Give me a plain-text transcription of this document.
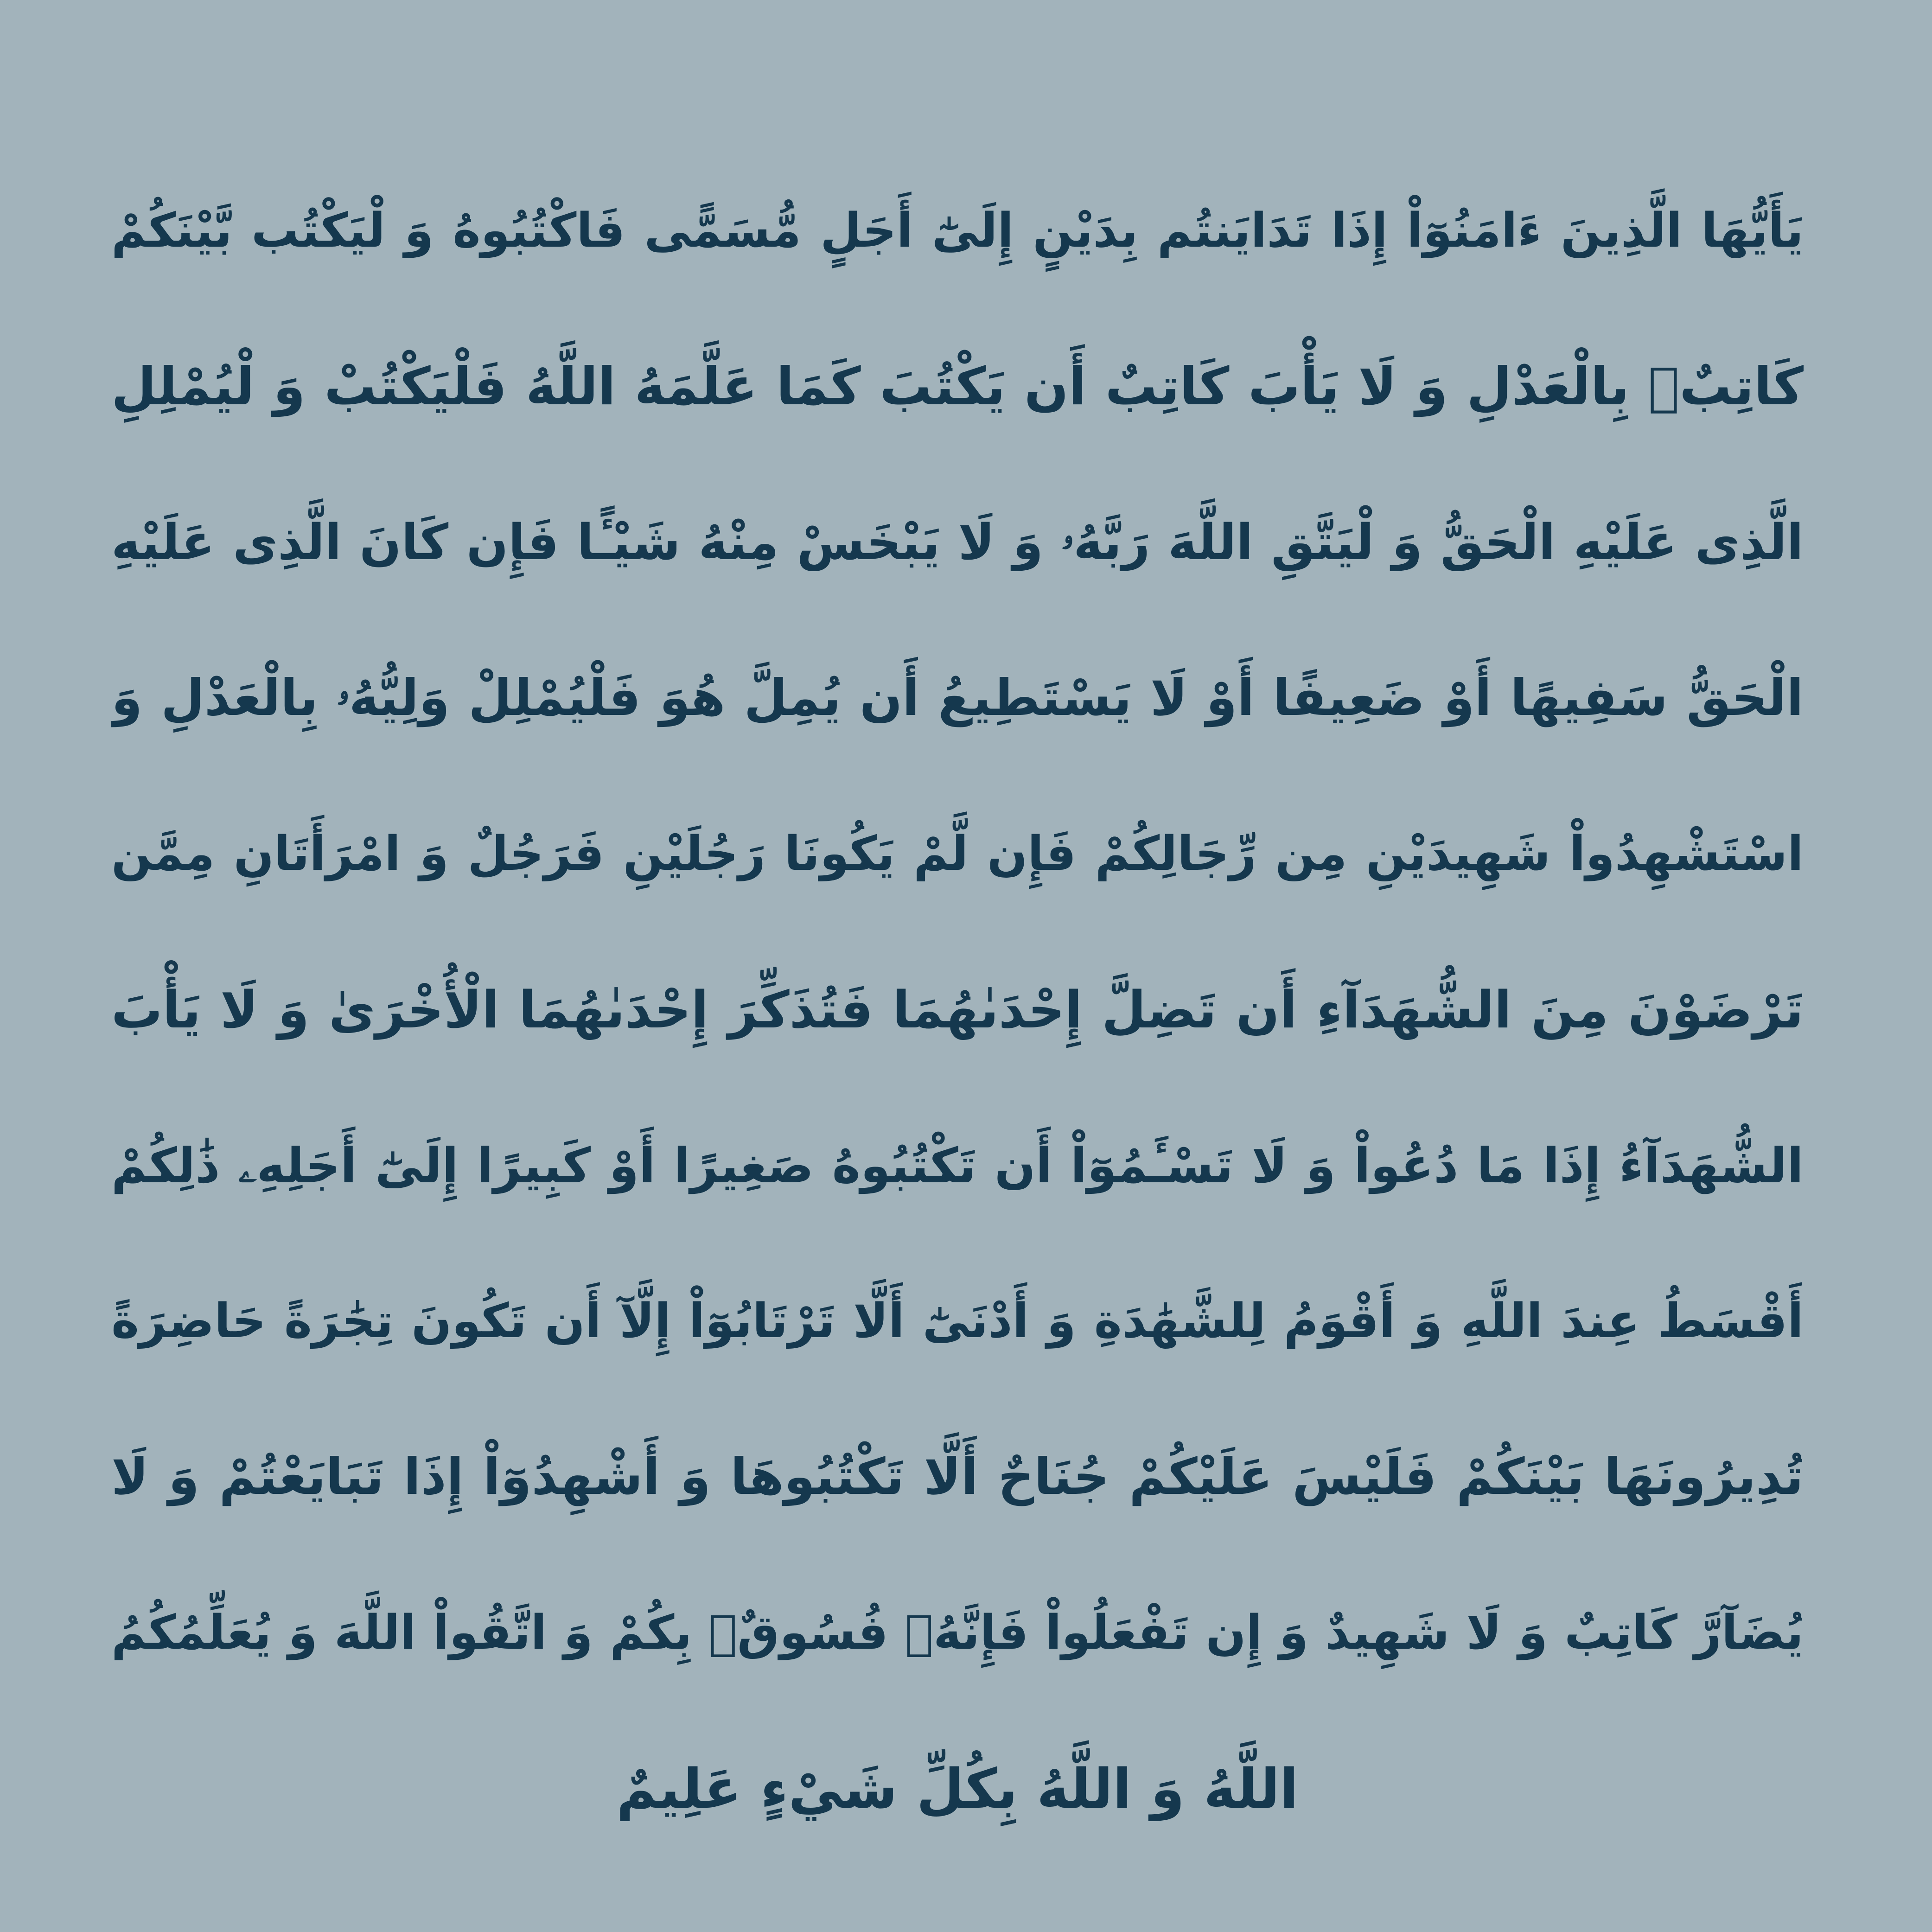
يَأَيُّهَا الَّذِينَ ءَامَنُوٓاْ إِذَا تَدَايَنتُم بِدَيْنٍ إِلَىٰٓ أَجَلٍ مُّسَمًّى فَاكْتُبُوهُ وَ لْيَكْتُب بَّيْنَكُمْ
كَاتِبٌۢ بِالْعَدْلِ وَ لَا يَأْبَ كَاتِبٌ أَن يَكْتُبَ كَمَا عَلَّمَهُ اللَّهُ فَلْيَكْتُبْ وَ لْيُمْلِلِ
الَّذِى عَلَيْهِ الْحَقُّ وَ لْيَتَّقِ اللَّهَ رَبَّهُۥ وَ لَا يَبْخَسْ مِنْهُ شَيْـًٔا فَإِن كَانَ الَّذِى عَلَيْهِ
الْحَقُّ سَفِيهًا أَوْ ضَعِيفًا أَوْ لَا يَسْتَطِيعُ أَن يُمِلَّ هُوَ فَلْيُمْلِلْ وَلِيُّهُۥ بِالْعَدْلِ وَ
اسْتَشْهِدُواْ شَهِيدَيْنِ مِن رِّجَالِكُمْ فَإِن لَّمْ يَكُونَا رَجُلَيْنِ فَرَجُلٌ وَ امْرَأَتَانِ مِمَّن
تَرْضَوْنَ مِنَ الشُّهَدَآءِ أَن تَضِلَّ إِحْدَىٰهُمَا فَتُذَكِّرَ إِحْدَىٰهُمَا الْأُخْرَىٰ وَ لَا يَأْبَ
الشُّهَدَآءُ إِذَا مَا دُعُواْ وَ لَا تَسْـَٔمُوٓاْ أَن تَكْتُبُوهُ صَغِيرًا أَوْ كَبِيرًا إِلَىٰٓ أَجَلِهِۦ ذَٰلِكُمْ
أَقْسَطُ عِندَ اللَّهِ وَ أَقْوَمُ لِلشَّهَٰدَةِ وَ أَدْنَىٰٓ أَلَّا تَرْتَابُوٓاْ إِلَّآ أَن تَكُونَ تِجَٰرَةً حَاضِرَةً
تُدِيرُونَهَا بَيْنَكُمْ فَلَيْسَ عَلَيْكُمْ جُنَاحٌ أَلَّا تَكْتُبُوهَا وَ أَشْهِدُوٓاْ إِذَا تَبَايَعْتُمْ وَ لَا
يُضَآرَّ كَاتِبٌ وَ لَا شَهِيدٌ وَ إِن تَفْعَلُواْ فَإِنَّهُۥ فُسُوقٌۢ بِكُمْ وَ اتَّقُواْ اللَّهَ وَ يُعَلِّمُكُمُ
اللَّهُ وَ اللَّهُ بِكُلِّ شَيْءٍ عَلِيمٌ
